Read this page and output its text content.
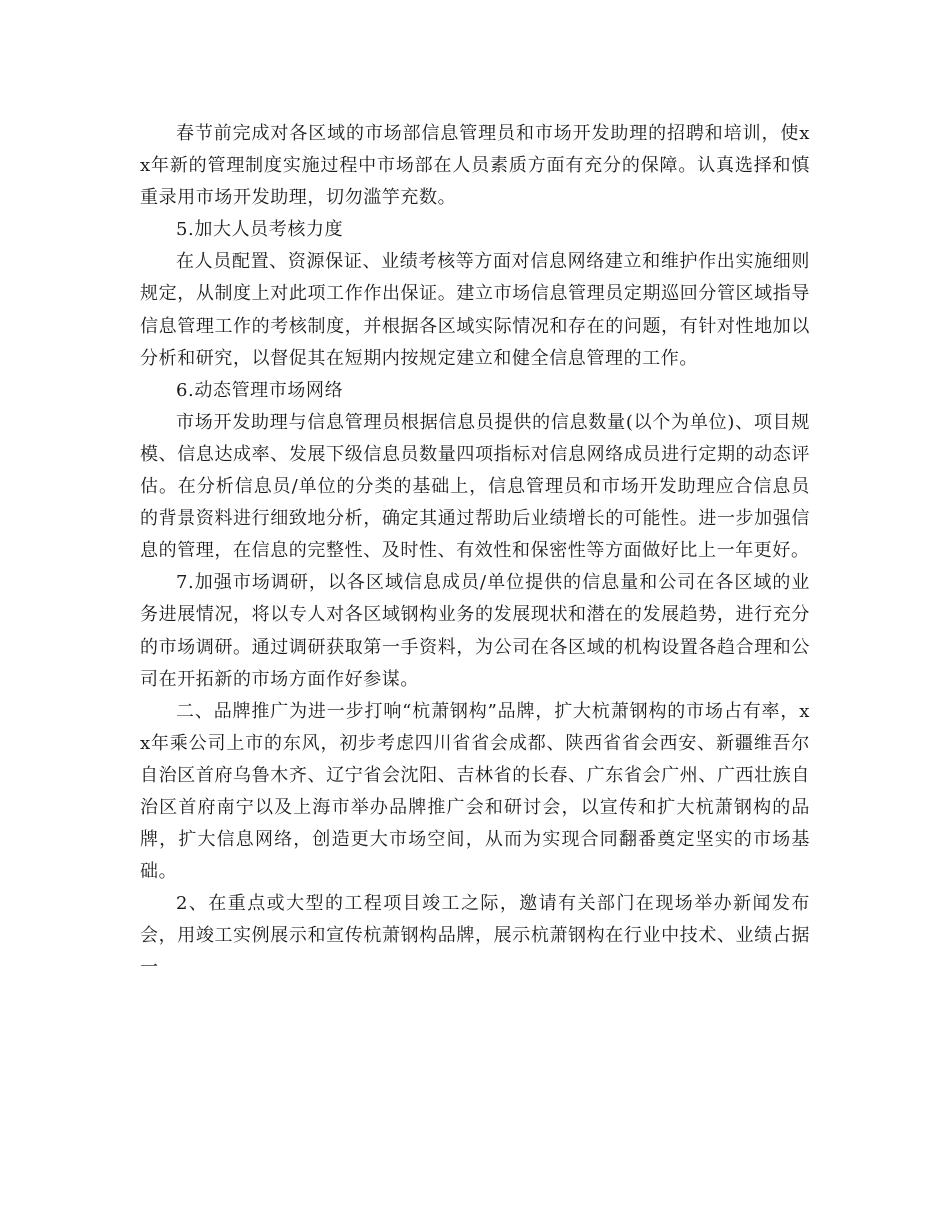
春节前完成对各区域的市场部信息管理员和市场开发助理的招聘和培训，使xx年新的管理制度实施过程中市场部在人员素质方面有充分的保障。认真选择和慎重录用市场开发助理，切勿滥竽充数。

5.加大人员考核力度

在人员配置、资源保证、业绩考核等方面对信息网络建立和维护作出实施细则规定，从制度上对此项工作作出保证。建立市场信息管理员定期巡回分管区域指导信息管理工作的考核制度，并根据各区域实际情况和存在的问题，有针对性地加以分析和研究，以督促其在短期内按规定建立和健全信息管理的工作。

6.动态管理市场网络

市场开发助理与信息管理员根据信息员提供的信息数量(以个为单位)、项目规模、信息达成率、发展下级信息员数量四项指标对信息网络成员进行定期的动态评估。在分析信息员/单位的分类的基础上，信息管理员和市场开发助理应合信息员的背景资料进行细致地分析，确定其通过帮助后业绩增长的可能性。进一步加强信息的管理，在信息的完整性、及时性、有效性和保密性等方面做好比上一年更好。

7.加强市场调研，以各区域信息成员/单位提供的信息量和公司在各区域的业务进展情况，将以专人对各区域钢构业务的发展现状和潜在的发展趋势，进行充分的市场调研。通过调研获取第一手资料，为公司在各区域的机构设置各趋合理和公司在开拓新的市场方面作好参谋。

二、品牌推广为进一步打响“杭萧钢构”品牌，扩大杭萧钢构的市场占有率，xx年乘公司上市的东风，初步考虑四川省省会成都、陕西省省会西安、新疆维吾尔自治区首府乌鲁木齐、辽宁省会沈阳、吉林省的长春、广东省会广州、广西壮族自治区首府南宁以及上海市举办品牌推广会和研讨会，以宣传和扩大杭萧钢构的品牌，扩大信息网络，创造更大市场空间，从而为实现合同翻番奠定坚实的市场基础。

2、在重点或大型的工程项目竣工之际，邀请有关部门在现场举办新闻发布会，用竣工实例展示和宣传杭萧钢构品牌，展示杭萧钢构在行业中技术、业绩占据一
